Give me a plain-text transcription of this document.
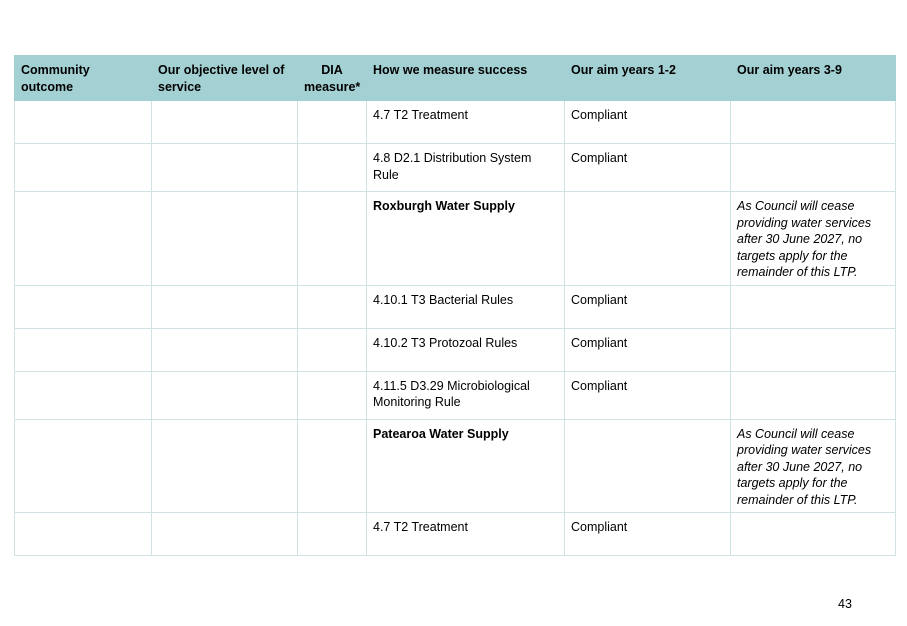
Community outcome	Our objective level of service	DIA measure*	How we measure success	Our aim years 1-2	Our aim years 3-9
			4.7 T2 Treatment	Compliant	
			4.8 D2.1 Distribution System Rule	Compliant	
			Roxburgh Water Supply		As Council will cease providing water services after 30 June 2027, no targets apply for the remainder of this LTP.
			4.10.1 T3 Bacterial Rules	Compliant	
			4.10.2 T3 Protozoal Rules	Compliant	
			4.11.5 D3.29 Microbiological Monitoring Rule	Compliant	
			Patearoa Water Supply		As Council will cease providing water services after 30 June 2027, no targets apply for the remainder of this LTP.
			4.7 T2 Treatment	Compliant	
43
